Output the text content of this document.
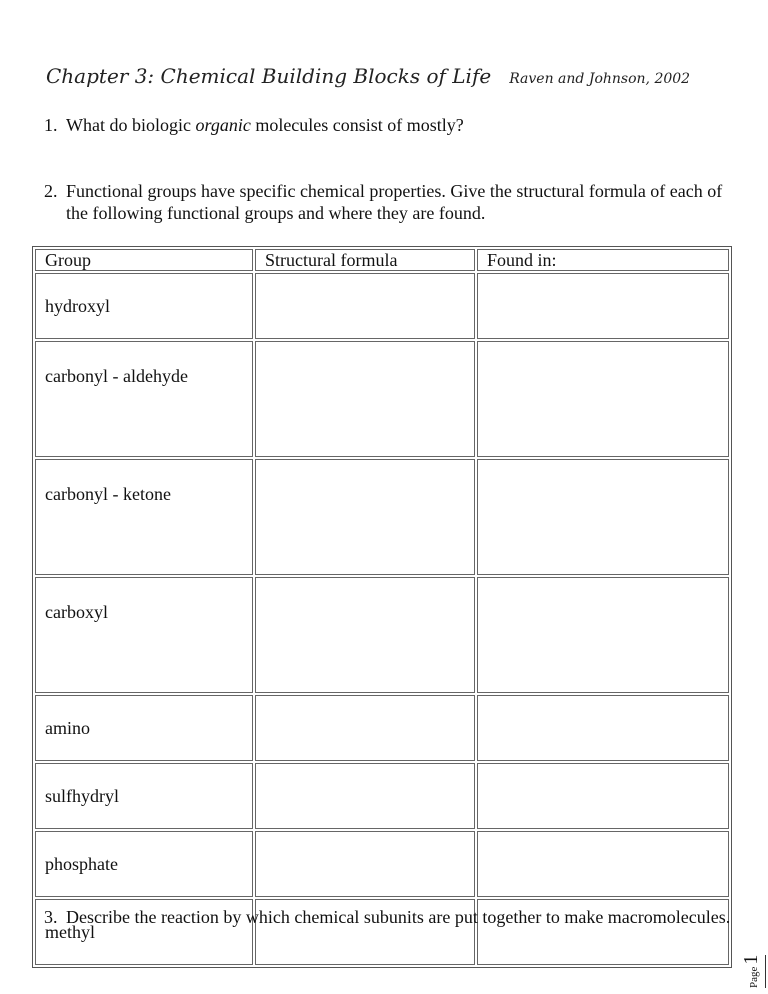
Chapter 3: Chemical Building Blocks of Life Raven and Johnson, 2002
1. What do biologic organic molecules consist of mostly?
2. Functional groups have specific chemical properties. Give the structural formula of each of the following functional groups and where they are found.
Group	Structural formula	Found in:
hydroxyl		
carbonyl - aldehyde		
carbonyl - ketone		
carboxyl		
amino		
sulfhydryl		
phosphate		
methyl		
3. Describe the reaction by which chemical subunits are put together to make macromolecules.
Page1
